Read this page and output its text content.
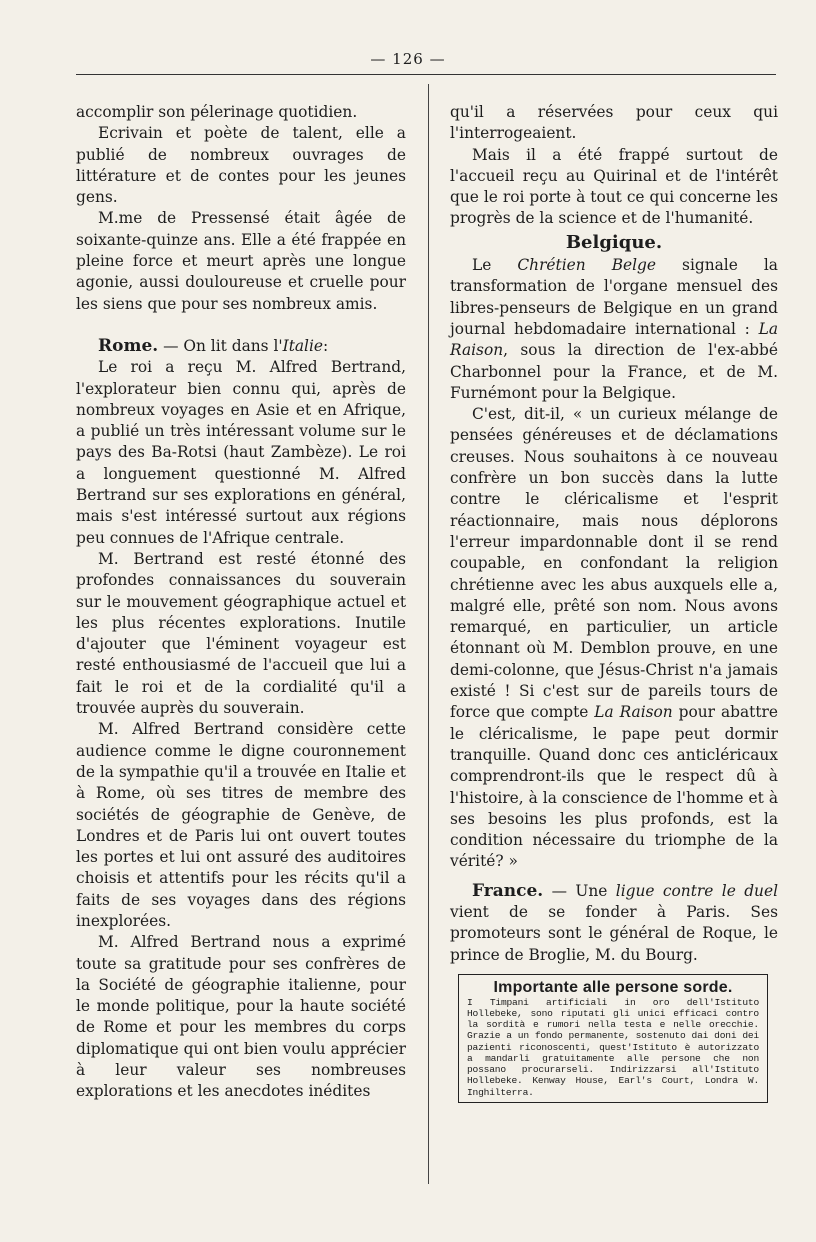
— 126 —

accomplir son pélerinage quotidien.

Ecrivain et poète de talent, elle a publié de nombreux ouvrages de littérature et de contes pour les jeunes gens.

M.me de Pressensé était âgée de soixante-quinze ans. Elle a été frappée en pleine force et meurt après une longue agonie, aussi douloureuse et cruelle pour les siens que pour ses nombreux amis.

Rome. — On lit dans l'Italie:

Le roi a reçu M. Alfred Bertrand, l'explorateur bien connu qui, après de nombreux voyages en Asie et en Afrique, a publié un très intéressant volume sur le pays des Ba-Rotsi (haut Zambèze). Le roi a longuement questionné M. Alfred Bertrand sur ses explorations en général, mais s'est intéressé surtout aux régions peu connues de l'Afrique centrale.

M. Bertrand est resté étonné des profondes connaissances du souverain sur le mouvement géographique actuel et les plus récentes explorations. Inutile d'ajouter que l'éminent voyageur est resté enthousiasmé de l'accueil que lui a fait le roi et de la cordialité qu'il a trouvée auprès du souverain.

M. Alfred Bertrand considère cette audience comme le digne couronnement de la sympathie qu'il a trouvée en Italie et à Rome, où ses titres de membre des sociétés de géographie de Genève, de Londres et de Paris lui ont ouvert toutes les portes et lui ont assuré des auditoires choisis et attentifs pour les récits qu'il a faits de ses voyages dans des régions inexplorées.

M. Alfred Bertrand nous a exprimé toute sa gratitude pour ses confrères de la Société de géographie italienne, pour le monde politique, pour la haute société de Rome et pour les membres du corps diplomatique qui ont bien voulu apprécier à leur valeur ses nombreuses explorations et les anecdotes inédites

qu'il a réservées pour ceux qui l'interrogeaient.

Mais il a été frappé surtout de l'accueil reçu au Quirinal et de l'intérêt que le roi porte à tout ce qui concerne les progrès de la science et de l'humanité.

Belgique.

Le Chrétien Belge signale la transformation de l'organe mensuel des libres-penseurs de Belgique en un grand journal hebdomadaire international : La Raison, sous la direction de l'ex-abbé Charbonnel pour la France, et de M. Furnémont pour la Belgique.

C'est, dit-il, « un curieux mélange de pensées généreuses et de déclamations creuses. Nous souhaitons à ce nouveau confrère un bon succès dans la lutte contre le cléricalisme et l'esprit réactionnaire, mais nous déplorons l'erreur impardonnable dont il se rend coupable, en confondant la religion chrétienne avec les abus auxquels elle a, malgré elle, prêté son nom. Nous avons remarqué, en particulier, un article étonnant où M. Demblon prouve, en une demi-colonne, que Jésus-Christ n'a jamais existé ! Si c'est sur de pareils tours de force que compte La Raison pour abattre le cléricalisme, le pape peut dormir tranquille. Quand donc ces anticléricaux comprendront-ils que le respect dû à l'histoire, à la conscience de l'homme et à ses besoins les plus profonds, est la condition nécessaire du triomphe de la vérité? »

France. — Une ligue contre le duel vient de se fonder à Paris. Ses promoteurs sont le général de Roque, le prince de Broglie, M. du Bourg.

Importante alle persone sorde.
I Timpani artificiali in oro dell'Istituto Hollebeke, sono riputati gli unici efficaci contro la sordità e rumori nella testa e nelle orecchie. Grazie a un fondo permanente, sostenuto dai doni dei pazienti riconoscenti, quest'Istituto è autorizzato a mandarli gratuitamente alle persone che non possano procurarseli. Indirizzarsi all'Istituto Hollebeke. Kenway House, Earl's Court, Londra W. Inghilterra.
